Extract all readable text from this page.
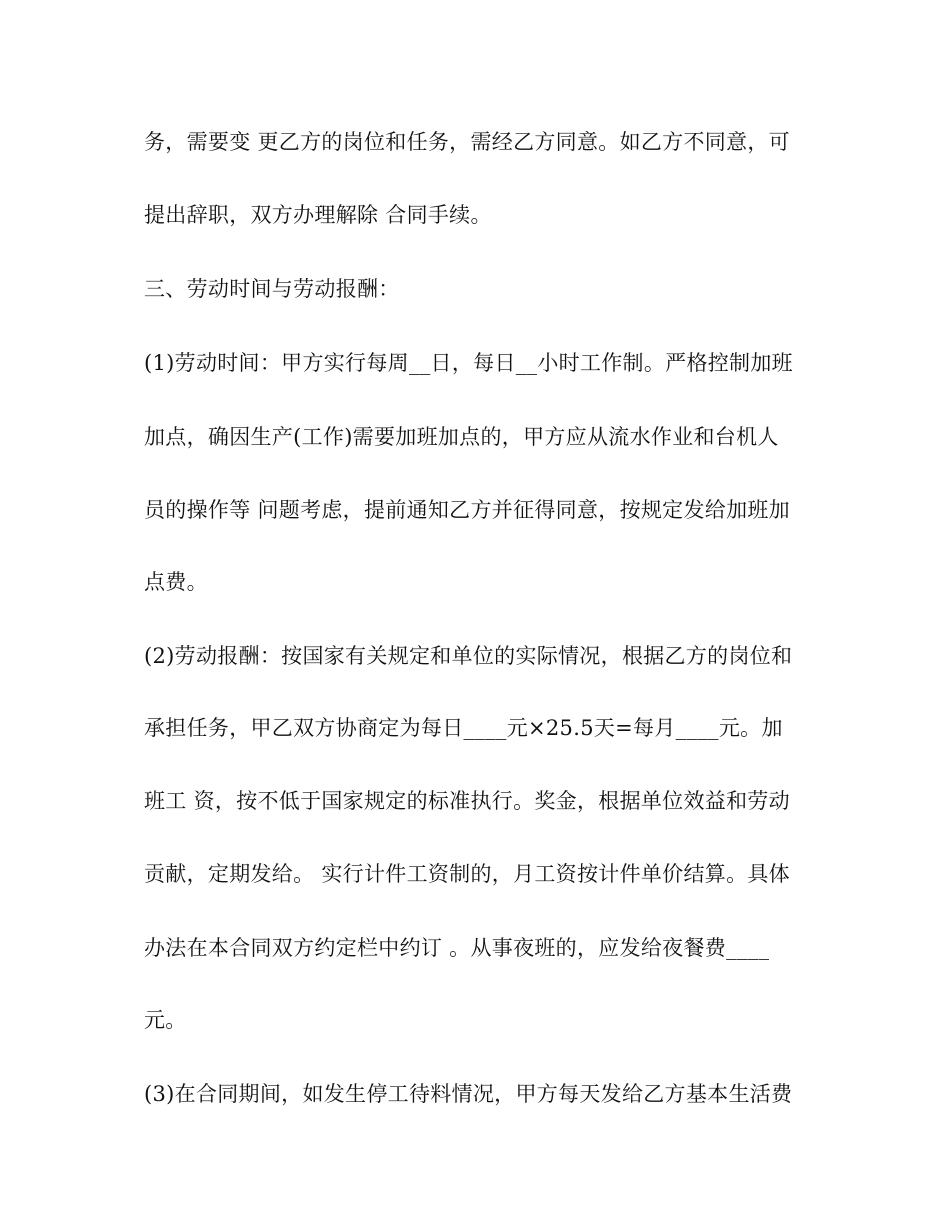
务，需要变 更乙方的岗位和任务，需经乙方同意。如乙方不同意，可
提出辞职，双方办理解除 合同手续。
三、劳动时间与劳动报酬：
(1)劳动时间：甲方实行每周__日，每日__小时工作制。严格控制加班
加点，确因生产(工作)需要加班加点的，甲方应从流水作业和台机人
员的操作等 问题考虑，提前通知乙方并征得同意，按规定发给加班加
点费。
(2)劳动报酬：按国家有关规定和单位的实际情况，根据乙方的岗位和
承担任务，甲乙双方协商定为每日____元×25.5天=每月____元。加
班工 资，按不低于国家规定的标准执行。奖金，根据单位效益和劳动
贡献，定期发给。 实行计件工资制的，月工资按计件单价结算。具体
办法在本合同双方约定栏中约订 。从事夜班的，应发给夜餐费____
元。
(3)在合同期间，如发生停工待料情况，甲方每天发给乙方基本生活费
